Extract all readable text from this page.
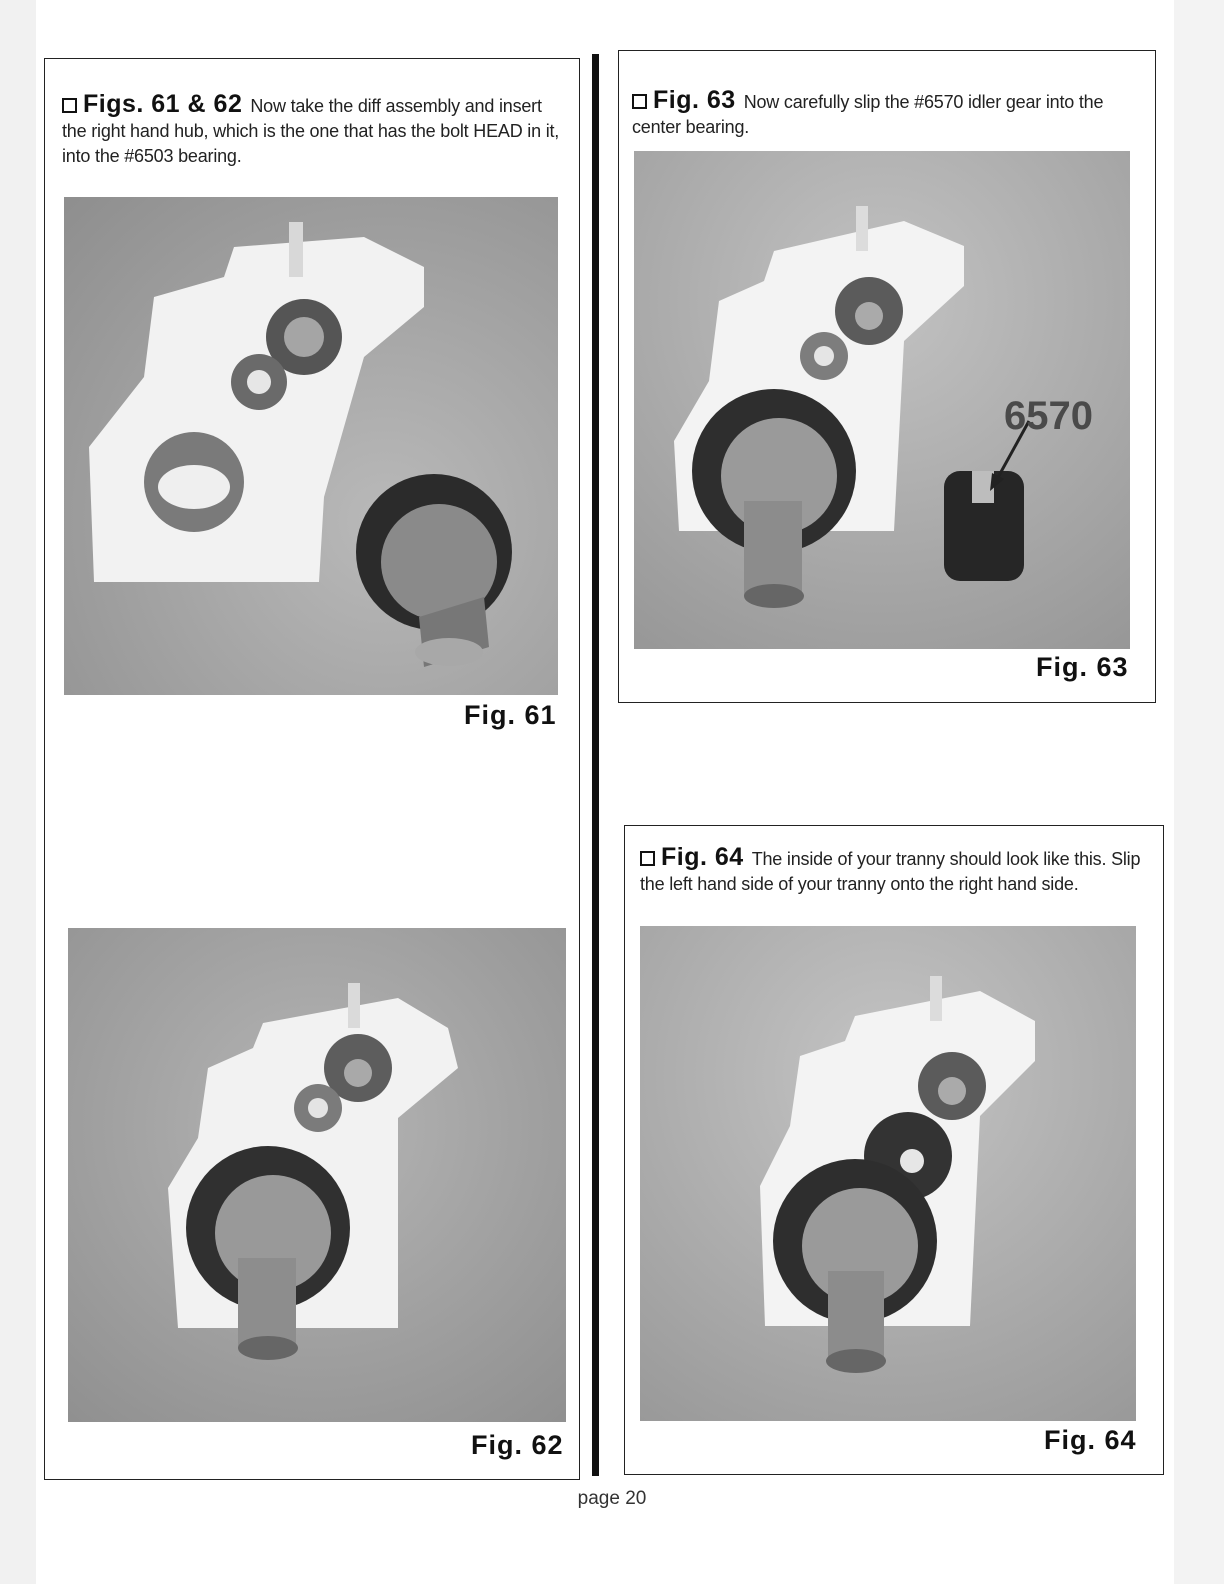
Figs. 61 & 62 Now take the diff assembly and insert the right hand hub, which is the one that has the bolt HEAD in it, into the #6503 bearing.
Fig. 61
Fig. 62
Fig. 63 Now carefully slip the #6570 idler gear into the center bearing.
6570
Fig. 63
Fig. 64 The inside of your tranny should look like this. Slip the left hand side of your tranny onto the right hand side.
Fig. 64
page 20
